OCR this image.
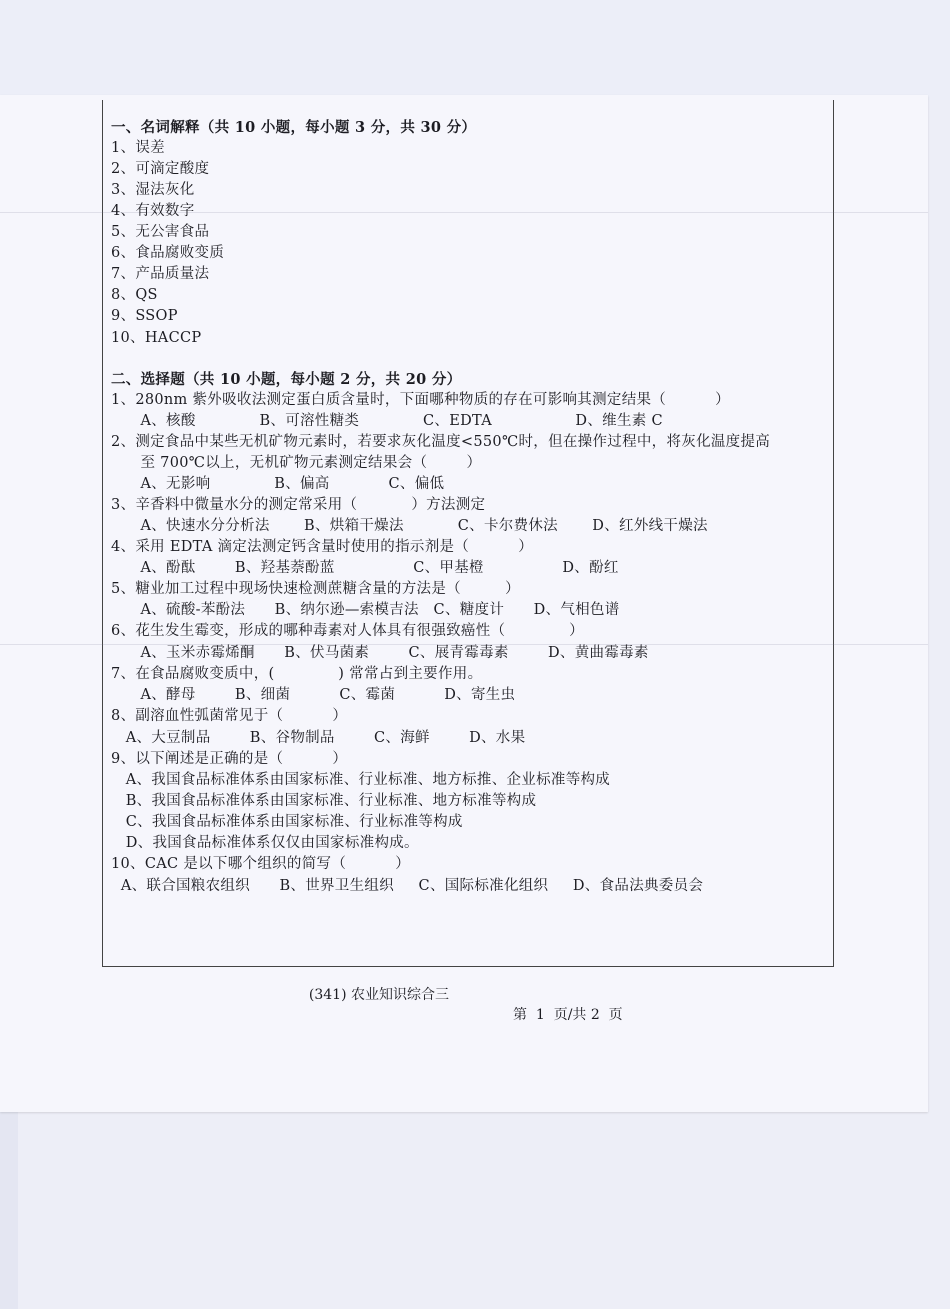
一、名词解释（共 10 小题，每小题 3 分，共 30 分）
1、误差
2、可滴定酸度
3、湿法灰化
4、有效数字
5、无公害食品
6、食品腐败变质
7、产品质量法
8、QS
9、SSOP
10、HACCP
二、选择题（共 10 小题，每小题 2 分，共 20 分）
1、280nm 紫外吸收法测定蛋白质含量时，下面哪种物质的存在可影响其测定结果（          ）
A、核酸             B、可溶性糖类             C、EDTA                 D、维生素 C
2、测定食品中某些无机矿物元素时，若要求灰化温度<550℃时，但在操作过程中，将灰化温度提高
至 700℃以上，无机矿物元素测定结果会（        ）
A、无影响             B、偏高            C、偏低
3、辛香料中微量水分的测定常采用（           ）方法测定
A、快速水分分析法       B、烘箱干燥法           C、卡尔费休法       D、红外线干燥法
4、采用 EDTA 滴定法测定钙含量时使用的指示剂是（          ）
A、酚酞        B、羟基萘酚蓝                C、甲基橙                D、酚红
5、糖业加工过程中现场快速检测蔗糖含量的方法是（         ）
A、硫酸-苯酚法      B、纳尔逊—索模吉法   C、糖度计      D、气相色谱
6、花生发生霉变，形成的哪种毒素对人体具有很强致癌性（             ）
A、玉米赤霉烯酮      B、伏马菌素        C、展青霉毒素        D、黄曲霉毒素
7、在食品腐败变质中，(             ) 常常占到主要作用。
A、酵母        B、细菌          C、霉菌          D、寄生虫
8、副溶血性弧菌常见于（          ）
A、大豆制品        B、谷物制品        C、海鲜        D、水果
9、以下阐述是正确的是（          ）
A、我国食品标准体系由国家标准、行业标准、地方标推、企业标准等构成
B、我国食品标准体系由国家标准、行业标准、地方标准等构成
C、我国食品标准体系由国家标准、行业标准等构成
D、我国食品标准体系仅仅由国家标准构成。
10、CAC 是以下哪个组织的简写（          ）
A、联合国粮农组织      B、世界卫生组织     C、国际标准化组织     D、食品法典委员会

(341) 农业知识综合三

第  1  页/共 2  页
